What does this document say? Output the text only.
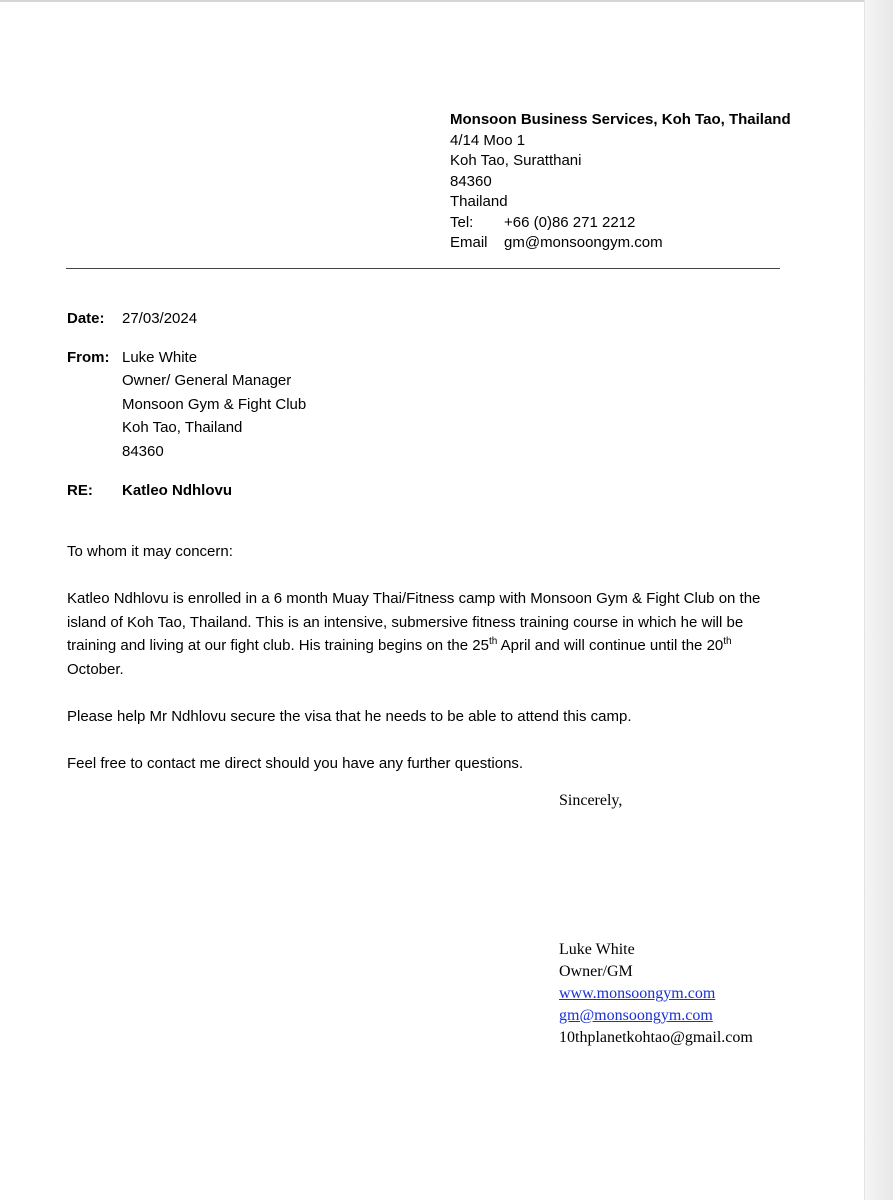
Monsoon Business Services, Koh Tao, Thailand
4/14 Moo 1
Koh Tao, Suratthani
84360
Thailand
Tel: +66 (0)86 271 2212
Email gm@monsoongym.com
Date: 27/03/2024
From: Luke White
Owner/ General Manager
Monsoon Gym & Fight Club
Koh Tao, Thailand
84360
RE: Katleo Ndhlovu
To whom it may concern:
Katleo Ndhlovu is enrolled in a 6 month Muay Thai/Fitness camp with Monsoon Gym & Fight Club on the island of Koh Tao, Thailand. This is an intensive, submersive fitness training course in which he will be training and living at our fight club. His training begins on the 25th April and will continue until the 20th October.
Please help Mr Ndhlovu secure the visa that he needs to be able to attend this camp.
Feel free to contact me direct should you have any further questions.
Sincerely,
Luke White
Owner/GM
www.monsoongym.com
gm@monsoongym.com
10thplanetkohtao@gmail.com
